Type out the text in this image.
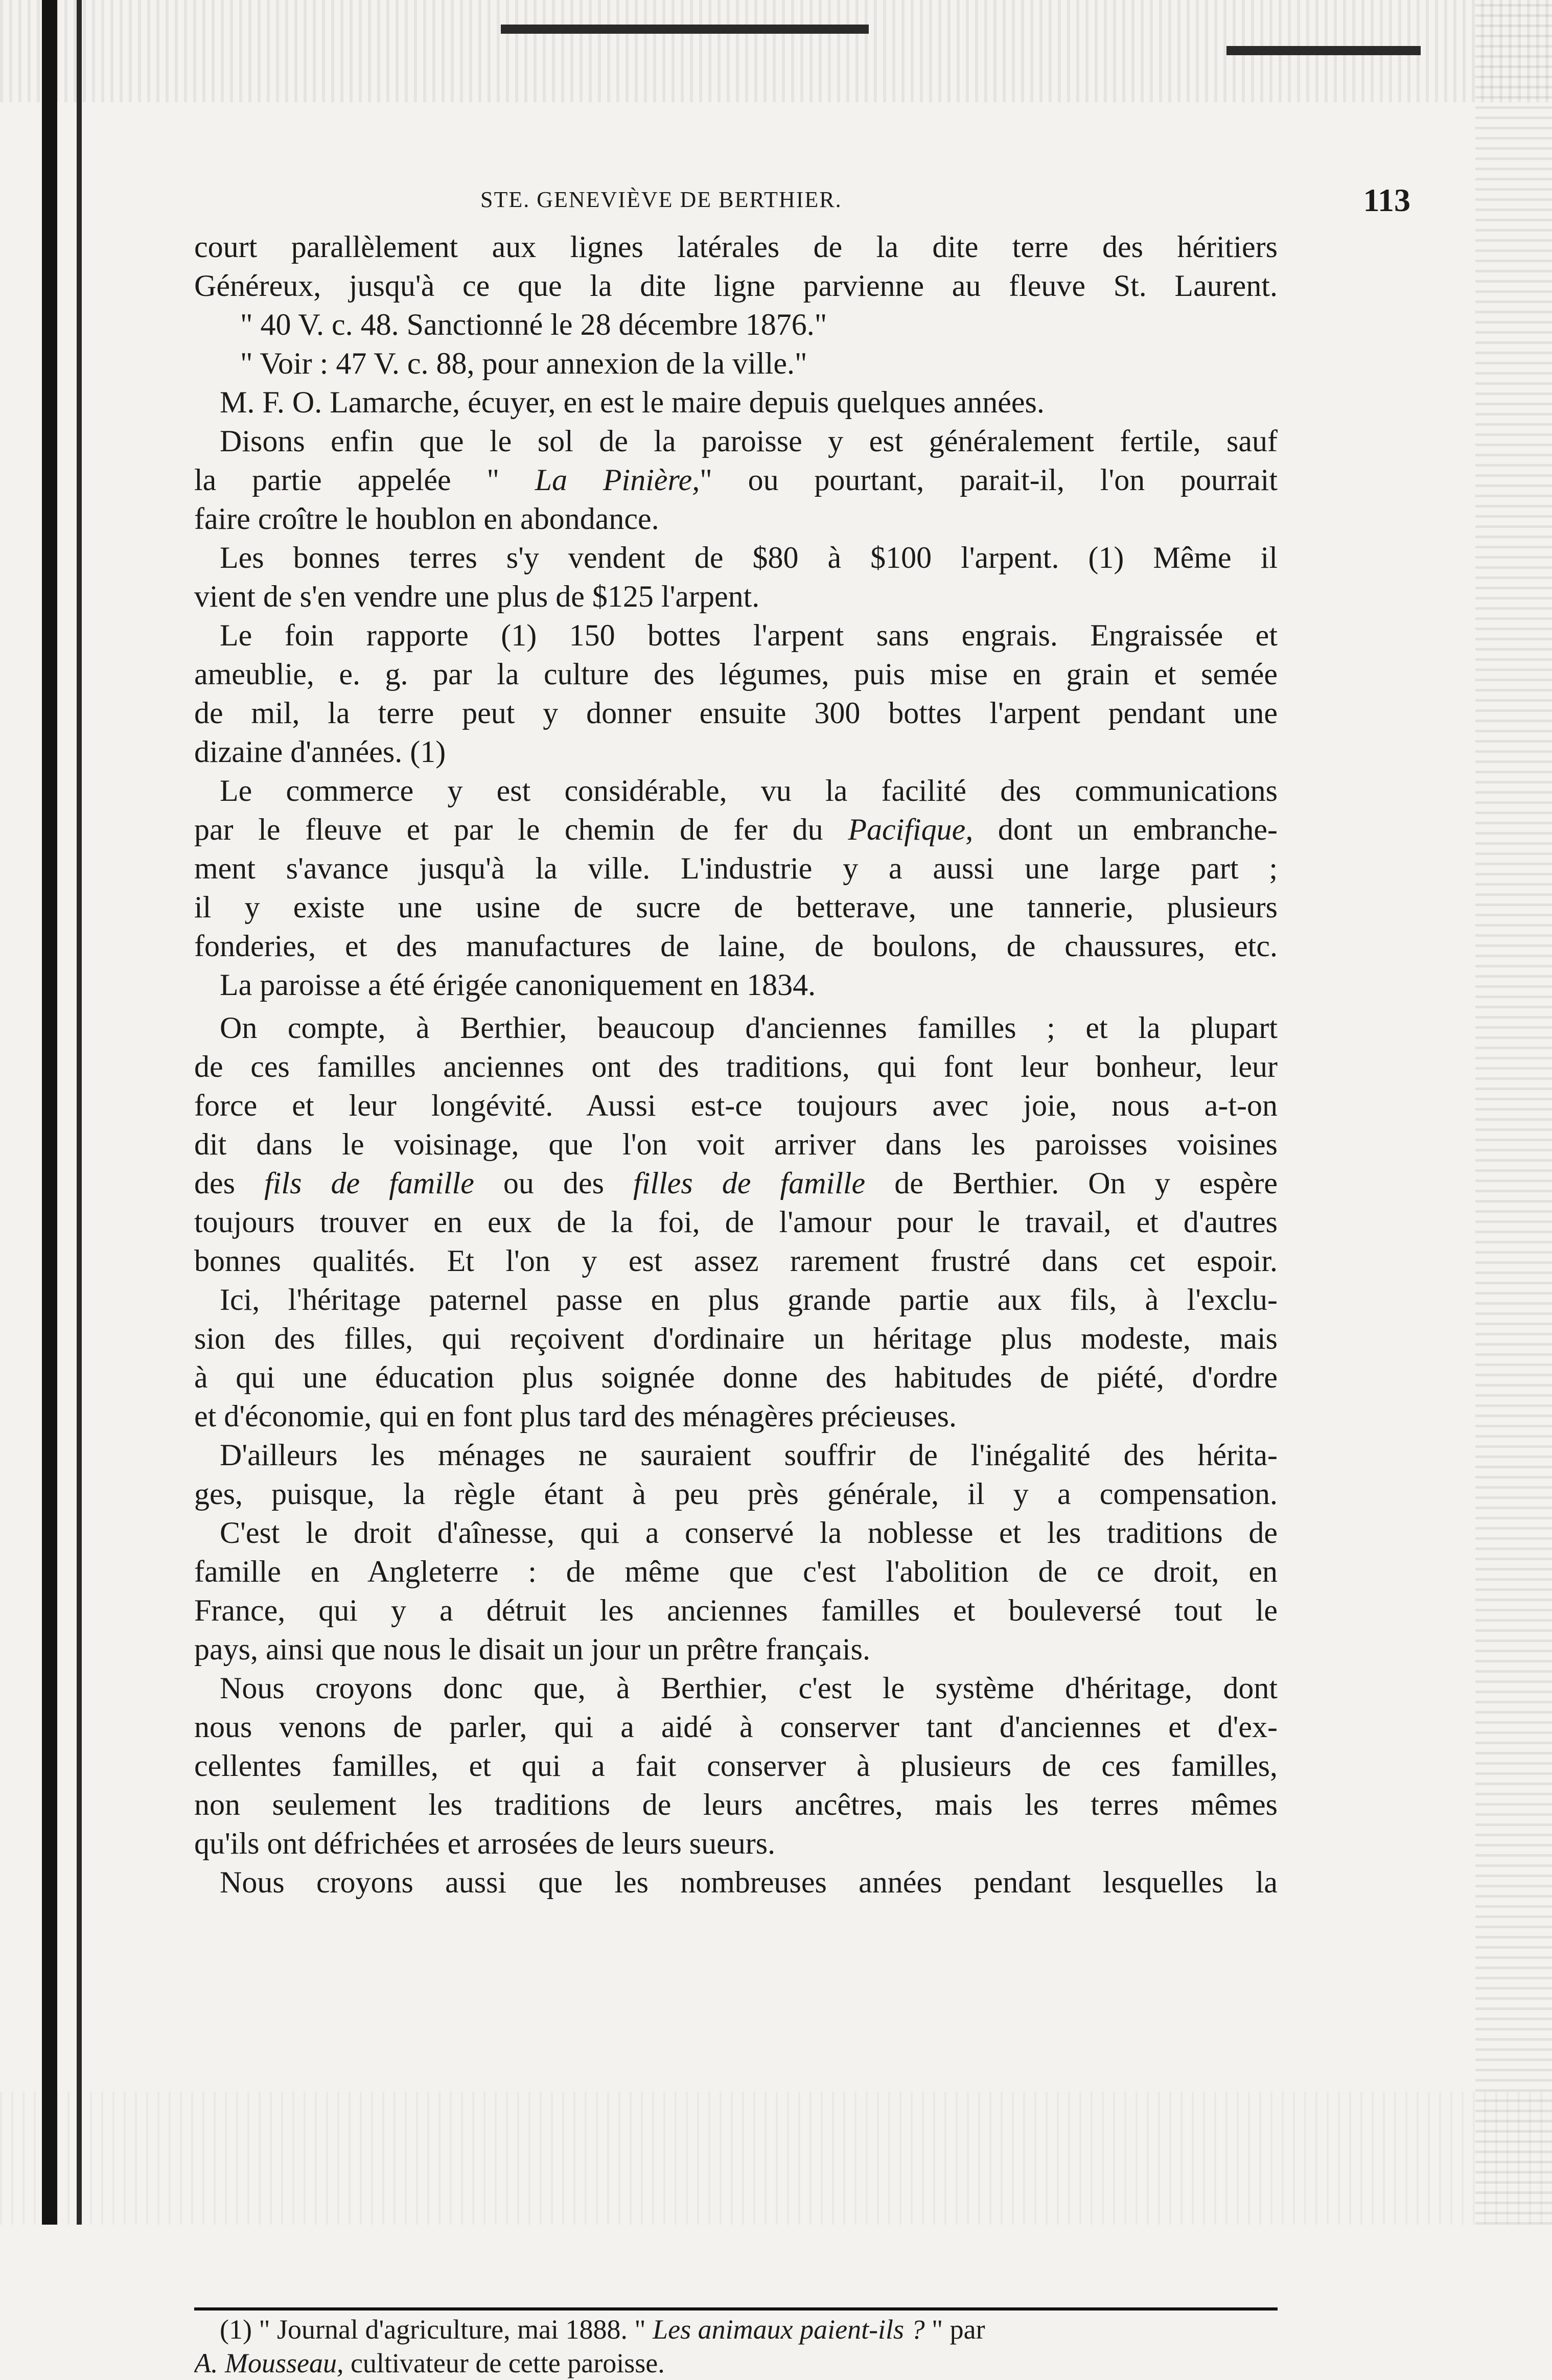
STE. GENEVIÈVE DE BERTHIER.	113
court parallèlement aux lignes latérales de la dite terre des héritiers
Généreux, jusqu'à ce que la dite ligne parvienne au fleuve St. Laurent.
" 40 V. c. 48. Sanctionné le 28 décembre 1876."
" Voir : 47 V. c. 88, pour annexion de la ville."
M. F. O. Lamarche, écuyer, en est le maire depuis quelques années.
Disons enfin que le sol de la paroisse y est généralement fertile, sauf
la partie appelée " La Pinière," ou pourtant, parait-il, l'on pourrait
faire croître le houblon en abondance.
Les bonnes terres s'y vendent de $80 à $100 l'arpent. (1) Même il
vient de s'en vendre une plus de $125 l'arpent.
Le foin rapporte (1) 150 bottes l'arpent sans engrais. Engraissée et
ameublie, e. g. par la culture des légumes, puis mise en grain et semée
de mil, la terre peut y donner ensuite 300 bottes l'arpent pendant une
dizaine d'années. (1)
Le commerce y est considérable, vu la facilité des communications
par le fleuve et par le chemin de fer du Pacifique, dont un embranche-
ment s'avance jusqu'à la ville. L'industrie y a aussi une large part ;
il y existe une usine de sucre de betterave, une tannerie, plusieurs
fonderies, et des manufactures de laine, de boulons, de chaussures, etc.
La paroisse a été érigée canoniquement en 1834.
On compte, à Berthier, beaucoup d'anciennes familles ; et la plupart
de ces familles anciennes ont des traditions, qui font leur bonheur, leur
force et leur longévité. Aussi est-ce toujours avec joie, nous a-t-on
dit dans le voisinage, que l'on voit arriver dans les paroisses voisines
des fils de famille ou des filles de famille de Berthier. On y espère
toujours trouver en eux de la foi, de l'amour pour le travail, et d'autres
bonnes qualités. Et l'on y est assez rarement frustré dans cet espoir.
Ici, l'héritage paternel passe en plus grande partie aux fils, à l'exclu-
sion des filles, qui reçoivent d'ordinaire un héritage plus modeste, mais
à qui une éducation plus soignée donne des habitudes de piété, d'ordre
et d'économie, qui en font plus tard des ménagères précieuses.
D'ailleurs les ménages ne sauraient souffrir de l'inégalité des hérita-
ges, puisque, la règle étant à peu près générale, il y a compensation.
C'est le droit d'aînesse, qui a conservé la noblesse et les traditions de
famille en Angleterre : de même que c'est l'abolition de ce droit, en
France, qui y a détruit les anciennes familles et bouleversé tout le
pays, ainsi que nous le disait un jour un prêtre français.
Nous croyons donc que, à Berthier, c'est le système d'héritage, dont
nous venons de parler, qui a aidé à conserver tant d'anciennes et d'ex-
cellentes familles, et qui a fait conserver à plusieurs de ces familles,
non seulement les traditions de leurs ancêtres, mais les terres mêmes
qu'ils ont défrichées et arrosées de leurs sueurs.
Nous croyons aussi que les nombreuses années pendant lesquelles la
(1) " Journal d'agriculture, mai 1888. " Les animaux paient-ils ? " par
A. Mousseau, cultivateur de cette paroisse.
